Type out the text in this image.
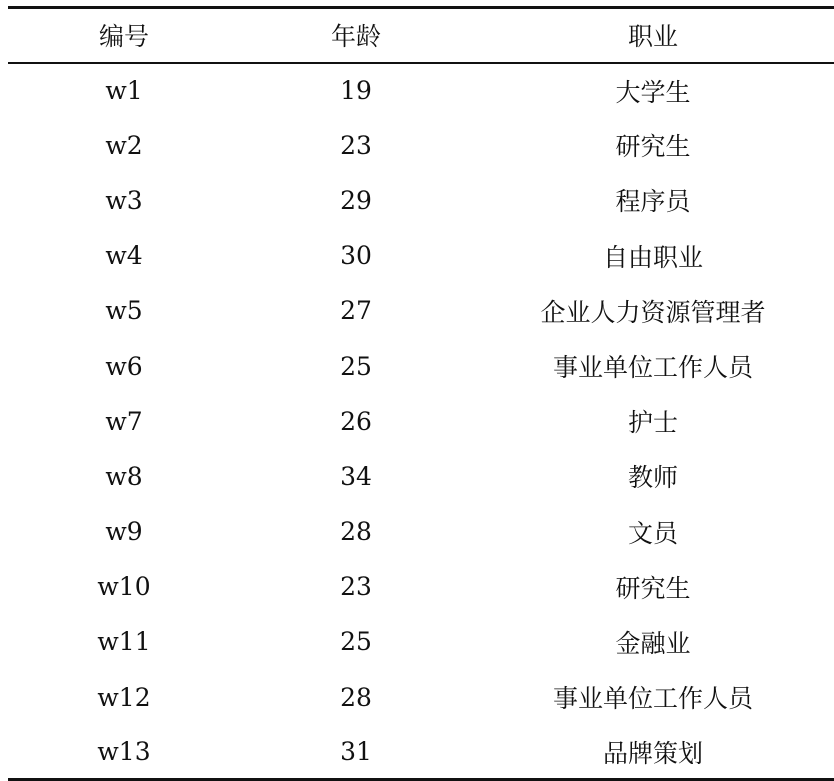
编号	年龄	职业
w1	19	大学生
w2	23	研究生
w3	29	程序员
w4	30	自由职业
w5	27	企业人力资源管理者
w6	25	事业单位工作人员
w7	26	护士
w8	34	教师
w9	28	文员
w10	23	研究生
w11	25	金融业
w12	28	事业单位工作人员
w13	31	品牌策划
